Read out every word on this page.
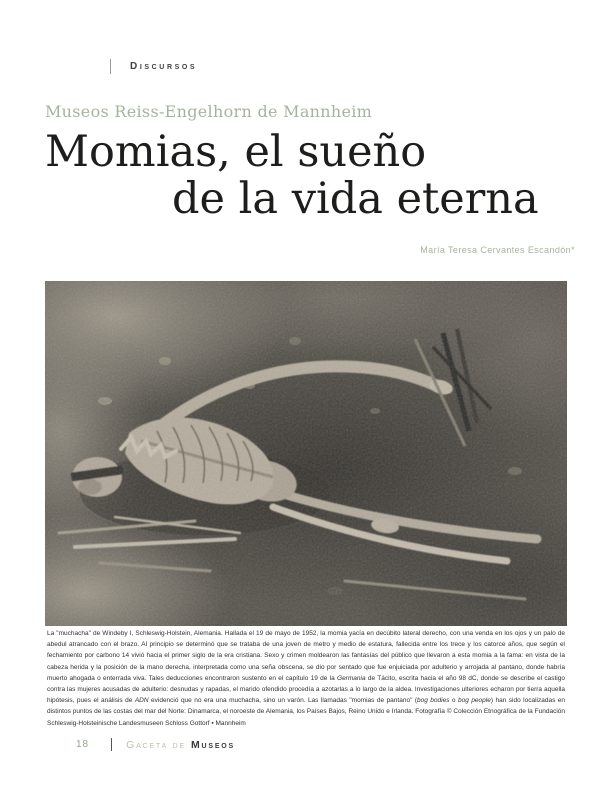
Discursos
Museos Reiss-Engelhorn de Mannheim
Momias, el sueño
de la vida eterna
María Teresa Cervantes Escandón*

La "muchacha" de Windeby I, Schleswig-Holstein, Alemania. Hallada el 19 de mayo de 1952, la momia yacía en decúbito lateral derecho, con una venda en los ojos y un palo de abedul atrancado con el brazo. Al principio se determinó que se trataba de una joven de metro y medio de estatura, fallecida entre los trece y los catorce años, que según el fechamiento por carbono 14 vivió hacia el primer siglo de la era cristiana. Sexo y crimen moldearon las fantasías del público que llevaron a esta momia a la fama: en vista de la cabeza herida y la posición de la mano derecha, interpretada como una seña obscena, se dio por sentado que fue enjuiciada por adulterio y arrojada al pantano, donde habría muerto ahogada o enterrada viva. Tales deducciones encontraron sustento en el capítulo 19 de la Germania de Tácito, escrita hacia el año 98 dC, donde se describe el castigo contra las mujeres acusadas de adulterio: desnudas y rapadas, el marido ofendido procedía a azotarlas a lo largo de la aldea. Investigaciones ulteriores echaron por tierra aquella hipótesis, pues el análisis de ADN evidenció que no era una muchacha, sino un varón. Las llamadas "momias de pantano" (bog bodies o bog people) han sido localizadas en distintos puntos de las costas del mar del Norte: Dinamarca, el noroeste de Alemania, los Países Bajos, Reino Unido e Irlanda. Fotografía © Colección Etnográfica de la Fundación Schleswig-Holsteinische Landesmuseen Schloss Gottorf ▪ Mannheim

18	Gaceta de Museos
